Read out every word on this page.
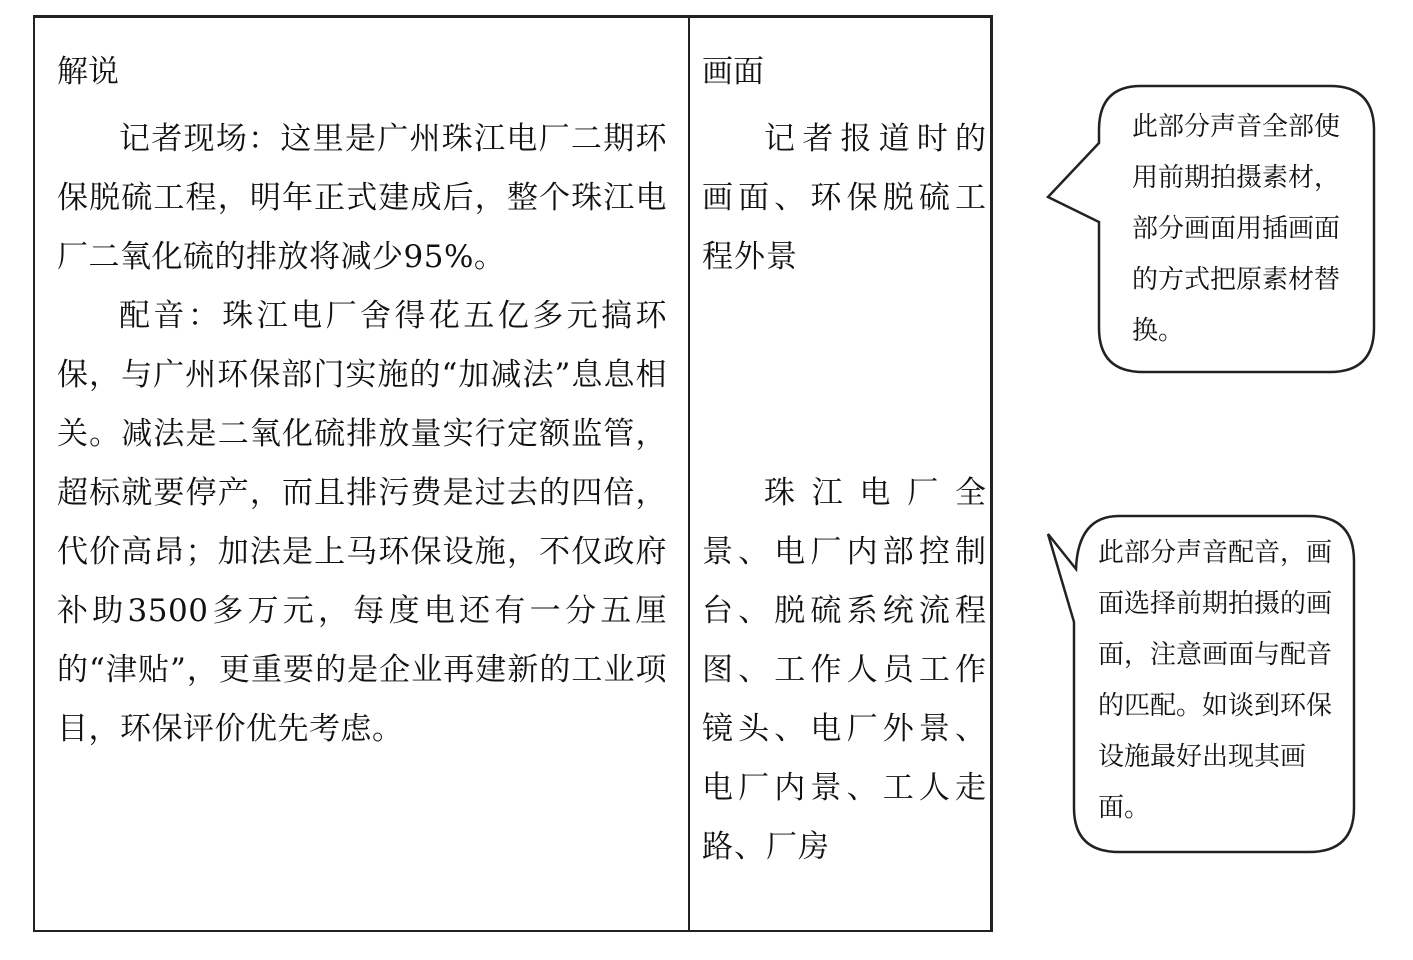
解说

记者现场：这里是广州珠江电厂二期环保脱硫工程，明年正式建成后，整个珠江电厂二氧化硫的排放将减少95%。

配音：珠江电厂舍得花五亿多元搞环保，与广州环保部门实施的“加减法”息息相关。减法是二氧化硫排放量实行定额监管，超标就要停产，而且排污费是过去的四倍，代价高昂；加法是上马环保设施，不仅政府补助3500多万元，每度电还有一分五厘的“津贴”，更重要的是企业再建新的工业项目，环保评价优先考虑。

画面

记者报道时的画面、环保脱硫工程外景

珠江电厂全景、电厂内部控制台、脱硫系统流程图、工作人员工作镜头、电厂外景、电厂内景、工人走路、厂房

此部分声音全部使用前期拍摄素材，部分画面用插画面的方式把原素材替换。
此部分声音配音，画面选择前期拍摄的画面，注意画面与配音的匹配。如谈到环保设施最好出现其画面。
